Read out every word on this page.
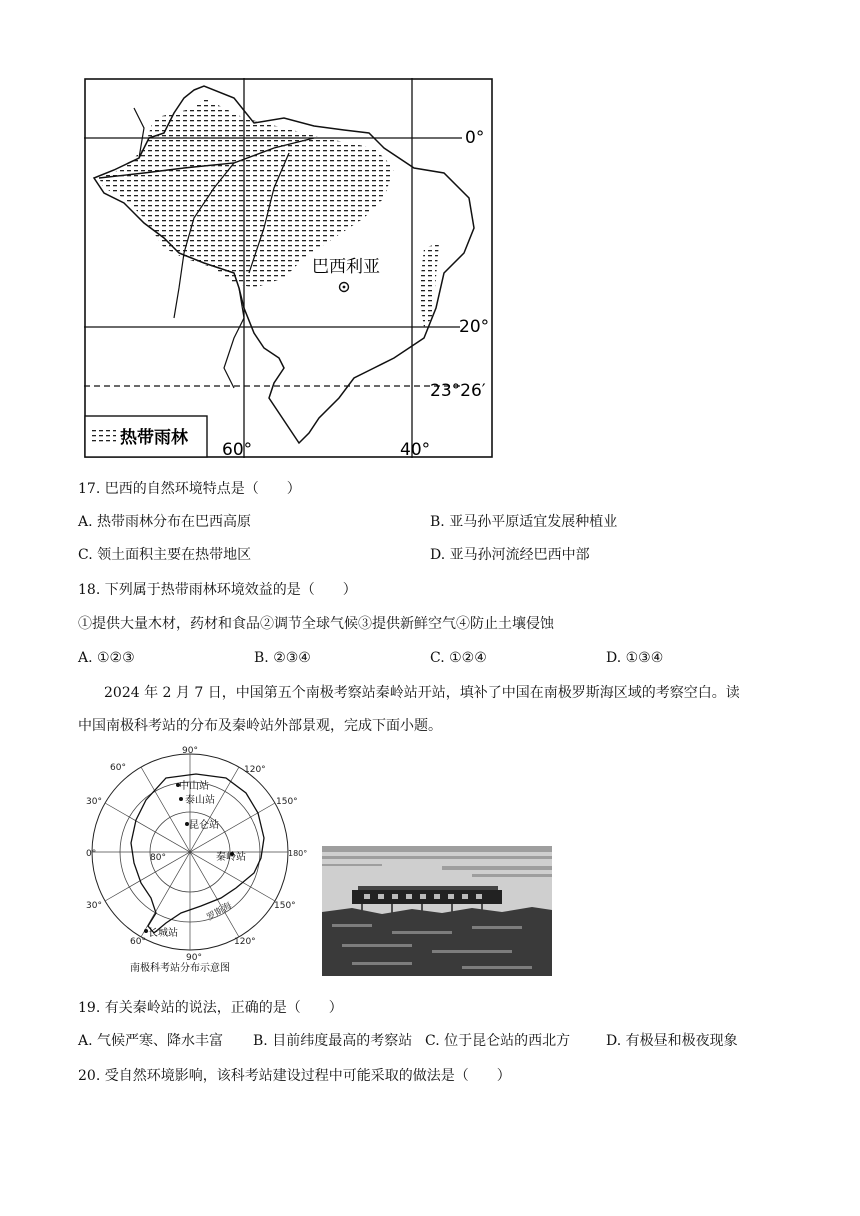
0°
20°
23°26′
60°	40°
巴西利亚
热带雨林
17. 巴西的自然环境特点是（　　）
A. 热带雨林分布在巴西高原	B. 亚马孙平原适宜发展种植业
C. 领土面积主要在热带地区	D. 亚马孙河流经巴西中部
18. 下列属于热带雨林环境效益的是（　　）
①提供大量木材，药材和食品②调节全球气候③提供新鲜空气④防止土壤侵蚀
A. ①②③	B. ②③④	C. ①②④	D. ①③④
2024 年 2 月 7 日，中国第五个南极考察站秦岭站开站，填补了中国在南极罗斯海区域的考察空白。读
中国南极科考站的分布及秦岭站外部景观，完成下面小题。
中山站
泰山站
昆仑站
秦岭站
长城站
90°
120°
150°
180°
150°
120°
90°
60°
30°
0°
30°
60°
80°
罗斯海
南极科考站分布示意图
19. 有关秦岭站的说法，正确的是（　　）
A. 气候严寒、降水丰富 B. 目前纬度最高的考察站 C. 位于昆仑站的西北方	D. 有极昼和极夜现象
20. 受自然环境影响，该科考站建设过程中可能采取的做法是（　　）
